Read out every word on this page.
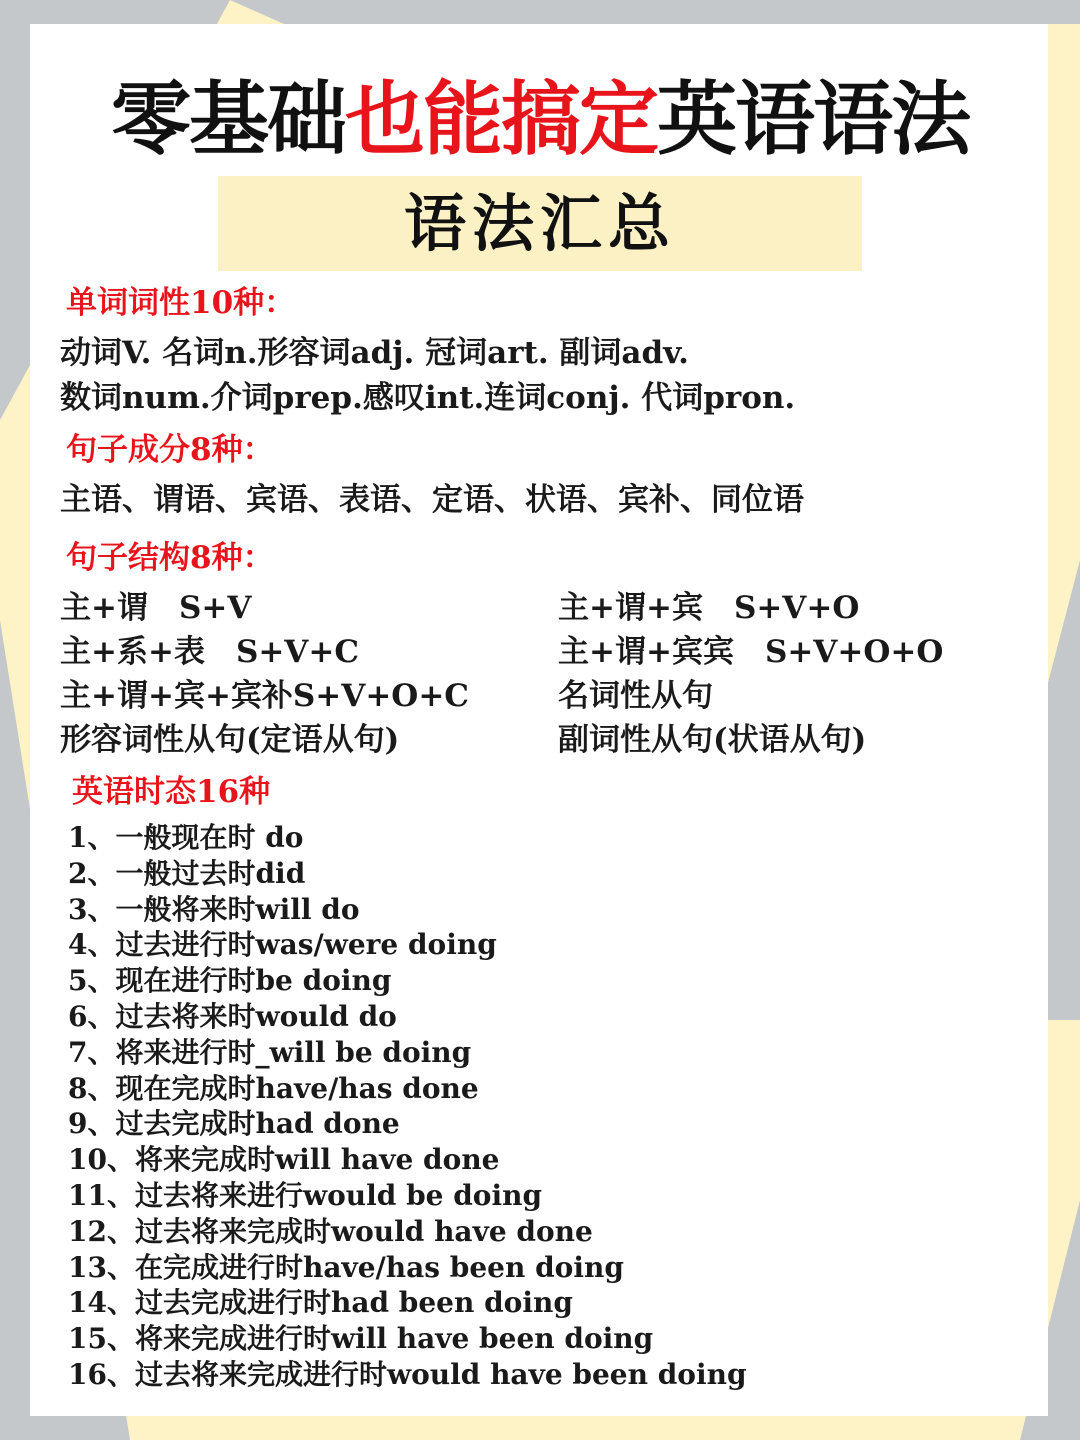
零基础也能搞定英语语法
语法汇总
单词词性10种：
动词V. 名词n.形容词adj. 冠词art. 副词adv.
数词num.介词prep.感叹int.连词conj. 代词pron.
句子成分8种：
主语、谓语、宾语、表语、定语、状语、宾补、同位语
句子结构8种：
主+谓　S+V
主+系+表　S+V+C
主+谓+宾+宾补S+V+O+C
形容词性从句(定语从句)
主+谓+宾　S+V+O
主+谓+宾宾　S+V+O+O
名词性从句
副词性从句(状语从句)
英语时态16种
1、一般现在时 do
2、一般过去时did
3、一般将来时will do
4、过去进行时was/were doing
5、现在进行时be doing
6、过去将来时would do
7、将来进行时_will be doing
8、现在完成时have/has done
9、过去完成时had done
10、将来完成时will have done
11、过去将来进行would be doing
12、过去将来完成时would have done
13、在完成进行时have/has been doing
14、过去完成进行时had been doing
15、将来完成进行时will have been doing
16、过去将来完成进行时would have been doing
